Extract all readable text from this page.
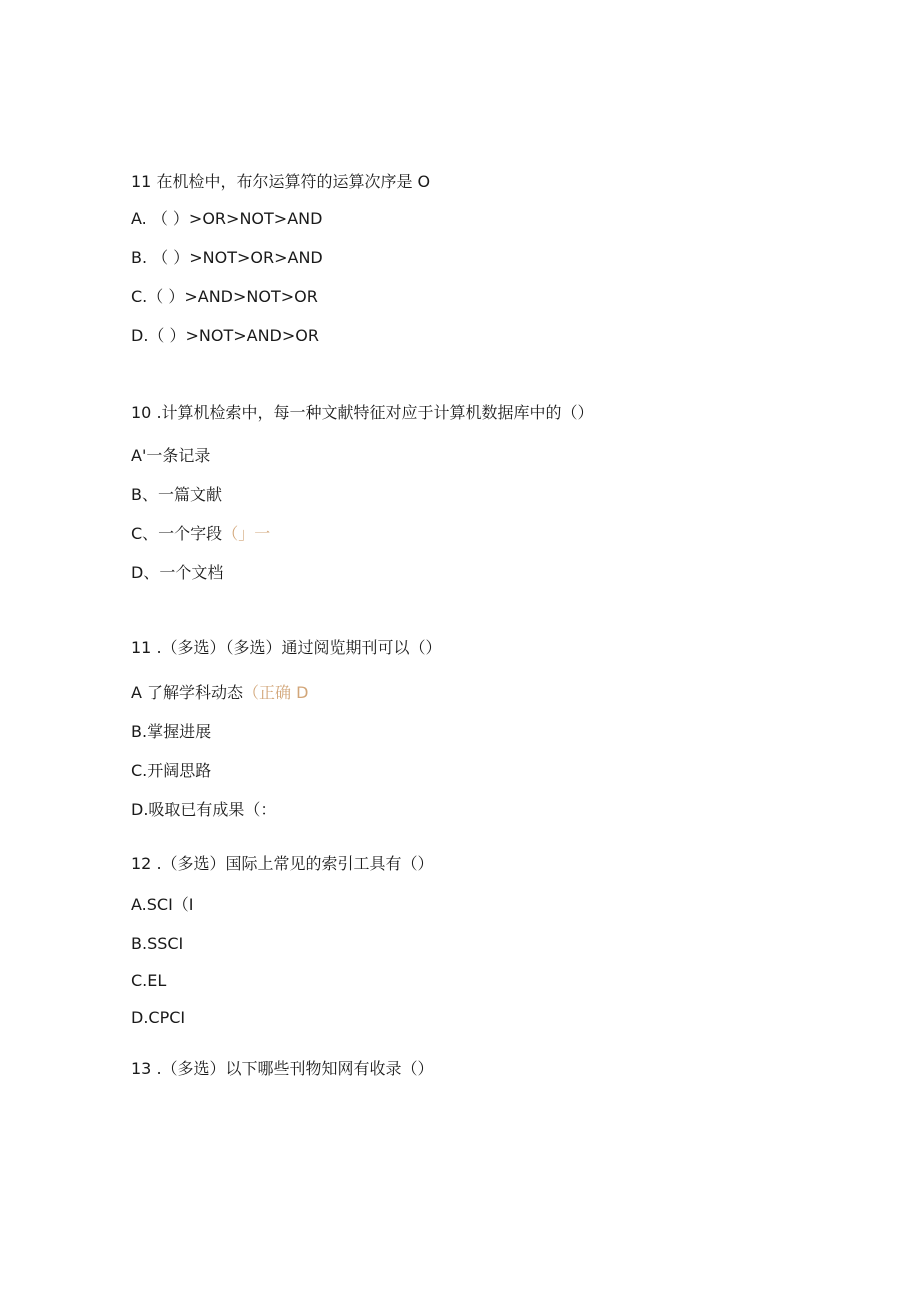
11 在机检中，布尔运算符的运算次序是 O
A. （ ）>OR>NOT>AND
B. （ ）>NOT>OR>AND
C.（ ）>AND>NOT>OR
D.（ ）>NOT>AND>OR
10 .计算机检索中，每一种文献特征对应于计算机数据库中的（）
A'一条记录
B、一篇文献
C、一个字段（」一
D、一个文档
11 .（多选）（多选）通过阅览期刊可以（）
A 了解学科动态（正确 D
B.掌握进展
C.开阔思路
D.吸取已有成果（：
12 .（多选）国际上常见的索引工具有（）
A.SCI（I
B.SSCI
C.EL
D.CPCI
13 .（多选）以下哪些刊物知网有收录（）
